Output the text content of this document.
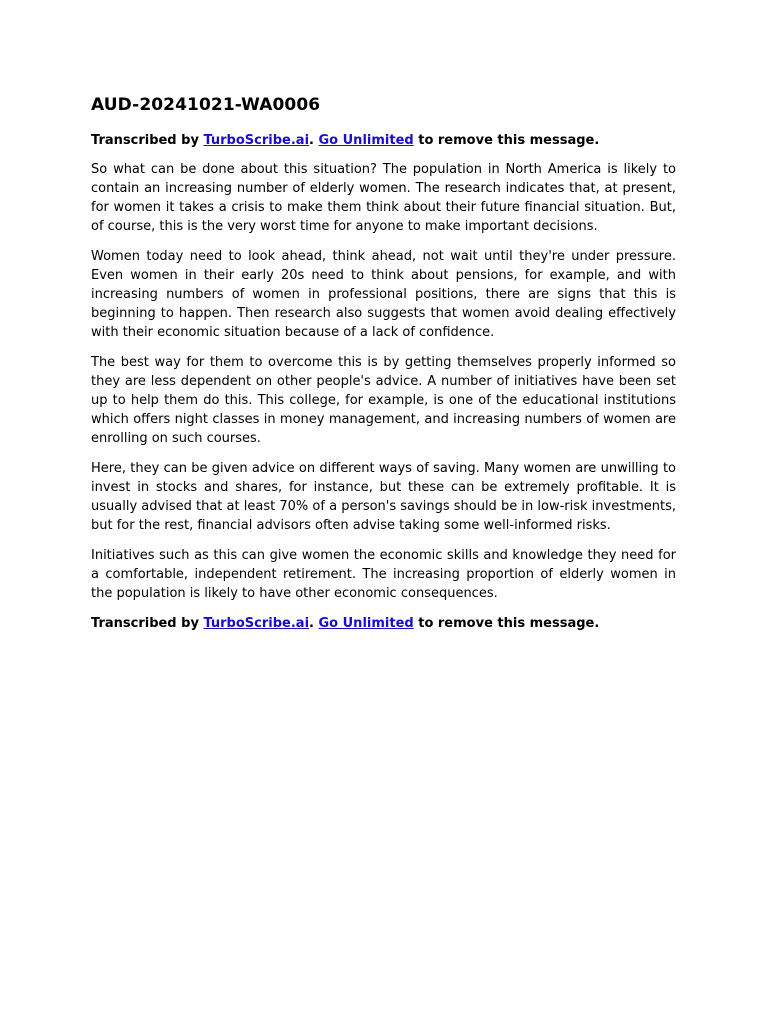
AUD-20241021-WA0006
Transcribed by TurboScribe.ai. Go Unlimited to remove this message.

So what can be done about this situation? The population in North America is likely to contain an increasing number of elderly women. The research indicates that, at present, for women it takes a crisis to make them think about their future financial situation. But, of course, this is the very worst time for anyone to make important decisions.

Women today need to look ahead, think ahead, not wait until they're under pressure. Even women in their early 20s need to think about pensions, for example, and with increasing numbers of women in professional positions, there are signs that this is beginning to happen. Then research also suggests that women avoid dealing effectively with their economic situation because of a lack of confidence.

The best way for them to overcome this is by getting themselves properly informed so they are less dependent on other people's advice. A number of initiatives have been set up to help them do this. This college, for example, is one of the educational institutions which offers night classes in money management, and increasing numbers of women are enrolling on such courses.

Here, they can be given advice on different ways of saving. Many women are unwilling to invest in stocks and shares, for instance, but these can be extremely profitable. It is usually advised that at least 70% of a person's savings should be in low-risk investments, but for the rest, financial advisors often advise taking some well-informed risks.

Initiatives such as this can give women the economic skills and knowledge they need for a comfortable, independent retirement. The increasing proportion of elderly women in the population is likely to have other economic consequences.

Transcribed by TurboScribe.ai. Go Unlimited to remove this message.
